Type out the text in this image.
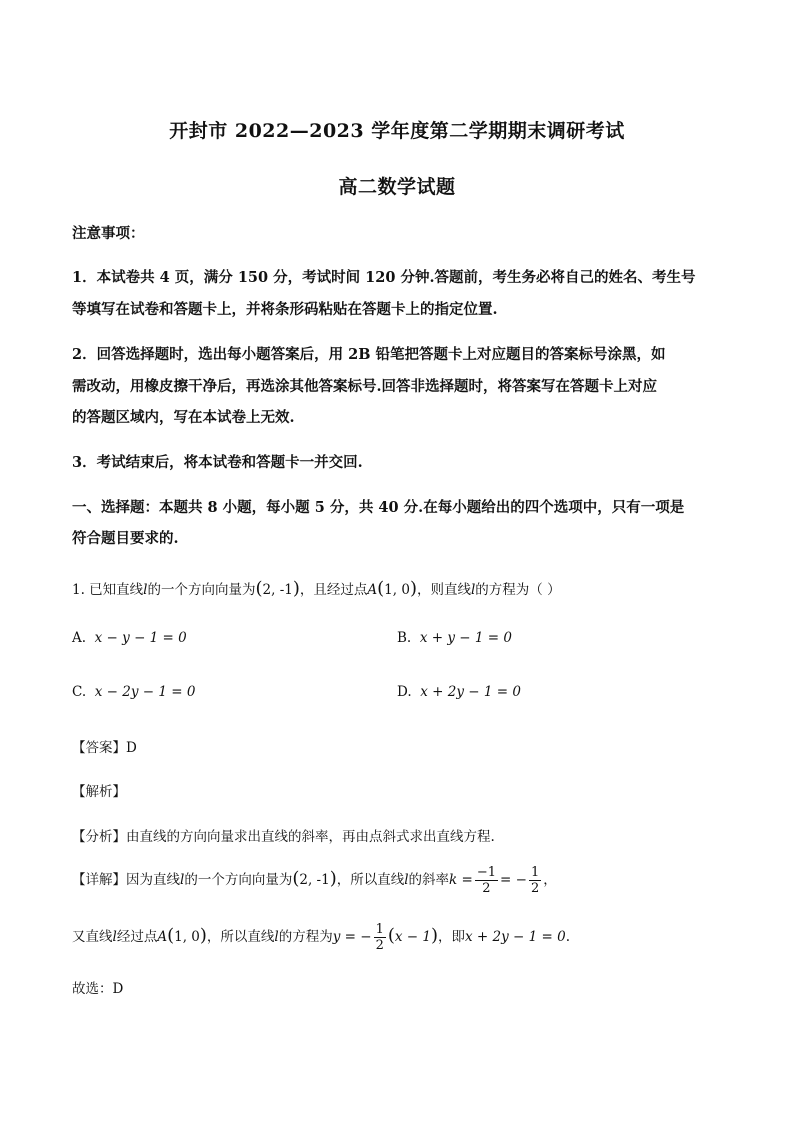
开封市 2022—2023 学年度第二学期期末调研考试
高二数学试题
注意事项：
1．本试卷共 4 页，满分 150 分，考试时间 120 分钟.答题前，考生务必将自己的姓名、考生号
等填写在试卷和答题卡上，并将条形码粘贴在答题卡上的指定位置.
2．回答选择题时，选出每小题答案后，用 2B 铅笔把答题卡上对应题目的答案标号涂黑，如
需改动，用橡皮擦干净后，再选涂其他答案标号.回答非选择题时，将答案写在答题卡上对应
的答题区域内，写在本试卷上无效.
3．考试结束后，将本试卷和答题卡一并交回.
一、选择题：本题共 8 小题，每小题 5 分，共 40 分.在每小题给出的四个选项中，只有一项是
符合题目要求的.
1. 已知直线l的一个方向向量为(2, -1)，且经过点A(1, 0)，则直线l的方程为（ ）
A. x − y − 1 = 0	B. x + y − 1 = 0
C. x − 2y − 1 = 0	D. x + 2y − 1 = 0
【答案】D
【解析】
【分析】由直线的方向向量求出直线的斜率，再由点斜式求出直线方程.
【详解】因为直线l的一个方向向量为(2, -1)，所以直线l的斜率$k = \frac{-1}{2}$ = − $\frac{1}{2}$ ，
又直线l经过点A(1, 0)，所以直线l的方程为y = − $\frac{1}{2} (x - 1)$，即x + 2y − 1 = 0.
故选：D
